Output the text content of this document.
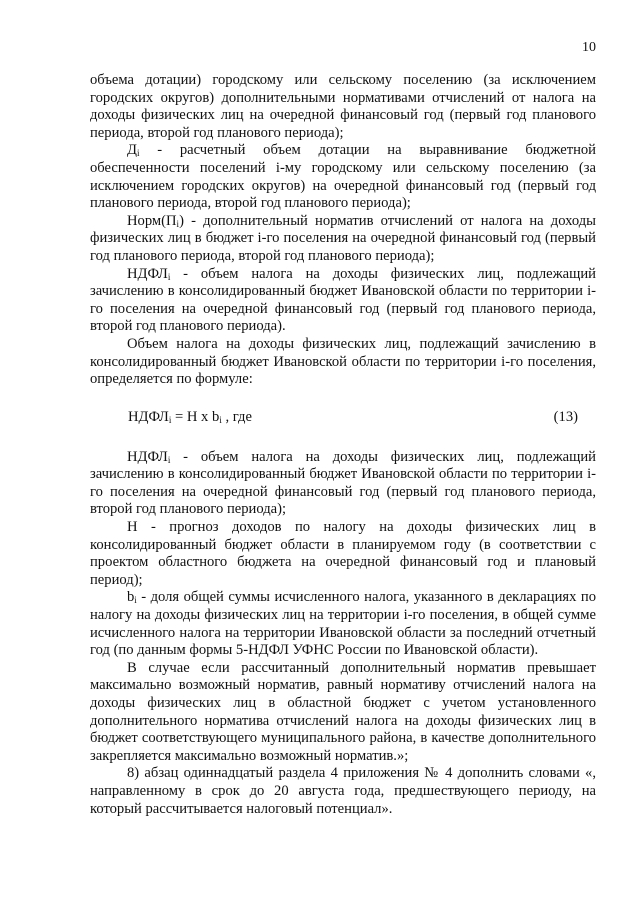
10

объема дотации) городскому или сельскому поселению (за исключением городских округов) дополнительными нормативами отчислений от налога на доходы физических лиц на очередной финансовый год (первый год планового периода, второй год планового периода);

$Д_i$ - расчетный объем дотации на выравнивание бюджетной обеспеченности поселений i-му городскому или сельскому поселению (за исключением городских округов) на очередной финансовый год (первый год планового периода, второй год планового периода);

$Норм(П_i)$ - дополнительный норматив отчислений от налога на доходы физических лиц в бюджет i-го поселения на очередной финансовый год (первый год планового периода, второй год планового периода);

$НДФЛ_i$ - объем налога на доходы физических лиц, подлежащий зачислению в консолидированный бюджет Ивановской области по территории i-го поселения на очередной финансовый год (первый год планового периода, второй год планового периода).

Объем налога на доходы физических лиц, подлежащий зачислению в консолидированный бюджет Ивановской области по территории i-го поселения, определяется по формуле:

$НДФЛ_i = Н$ х $b_i$ , где	(13)

$НДФЛ_i$ - объем налога на доходы физических лиц, подлежащий зачислению в консолидированный бюджет Ивановской области по территории i-го поселения на очередной финансовый год (первый год планового периода, второй год планового периода);

Н - прогноз доходов по налогу на доходы физических лиц в консолидированный бюджет области в планируемом году (в соответствии с проектом областного бюджета на очередной финансовый год и плановый период);

$b_i$ - доля общей суммы исчисленного налога, указанного в декларациях по налогу на доходы физических лиц на территории i-го поселения, в общей сумме исчисленного налога на территории Ивановской области за последний отчетный год (по данным формы 5-НДФЛ УФНС России по Ивановской области).

В случае если рассчитанный дополнительный норматив превышает максимально возможный норматив, равный нормативу отчислений налога на доходы физических лиц в областной бюджет с учетом установленного дополнительного норматива отчислений налога на доходы физических лиц в бюджет соответствующего муниципального района, в качестве дополнительного закрепляется максимально возможный норматив.»;

8) абзац одиннадцатый раздела 4 приложения № 4 дополнить словами «, направленному в срок до 20 августа года, предшествующего периоду, на который рассчитывается налоговый потенциал».
